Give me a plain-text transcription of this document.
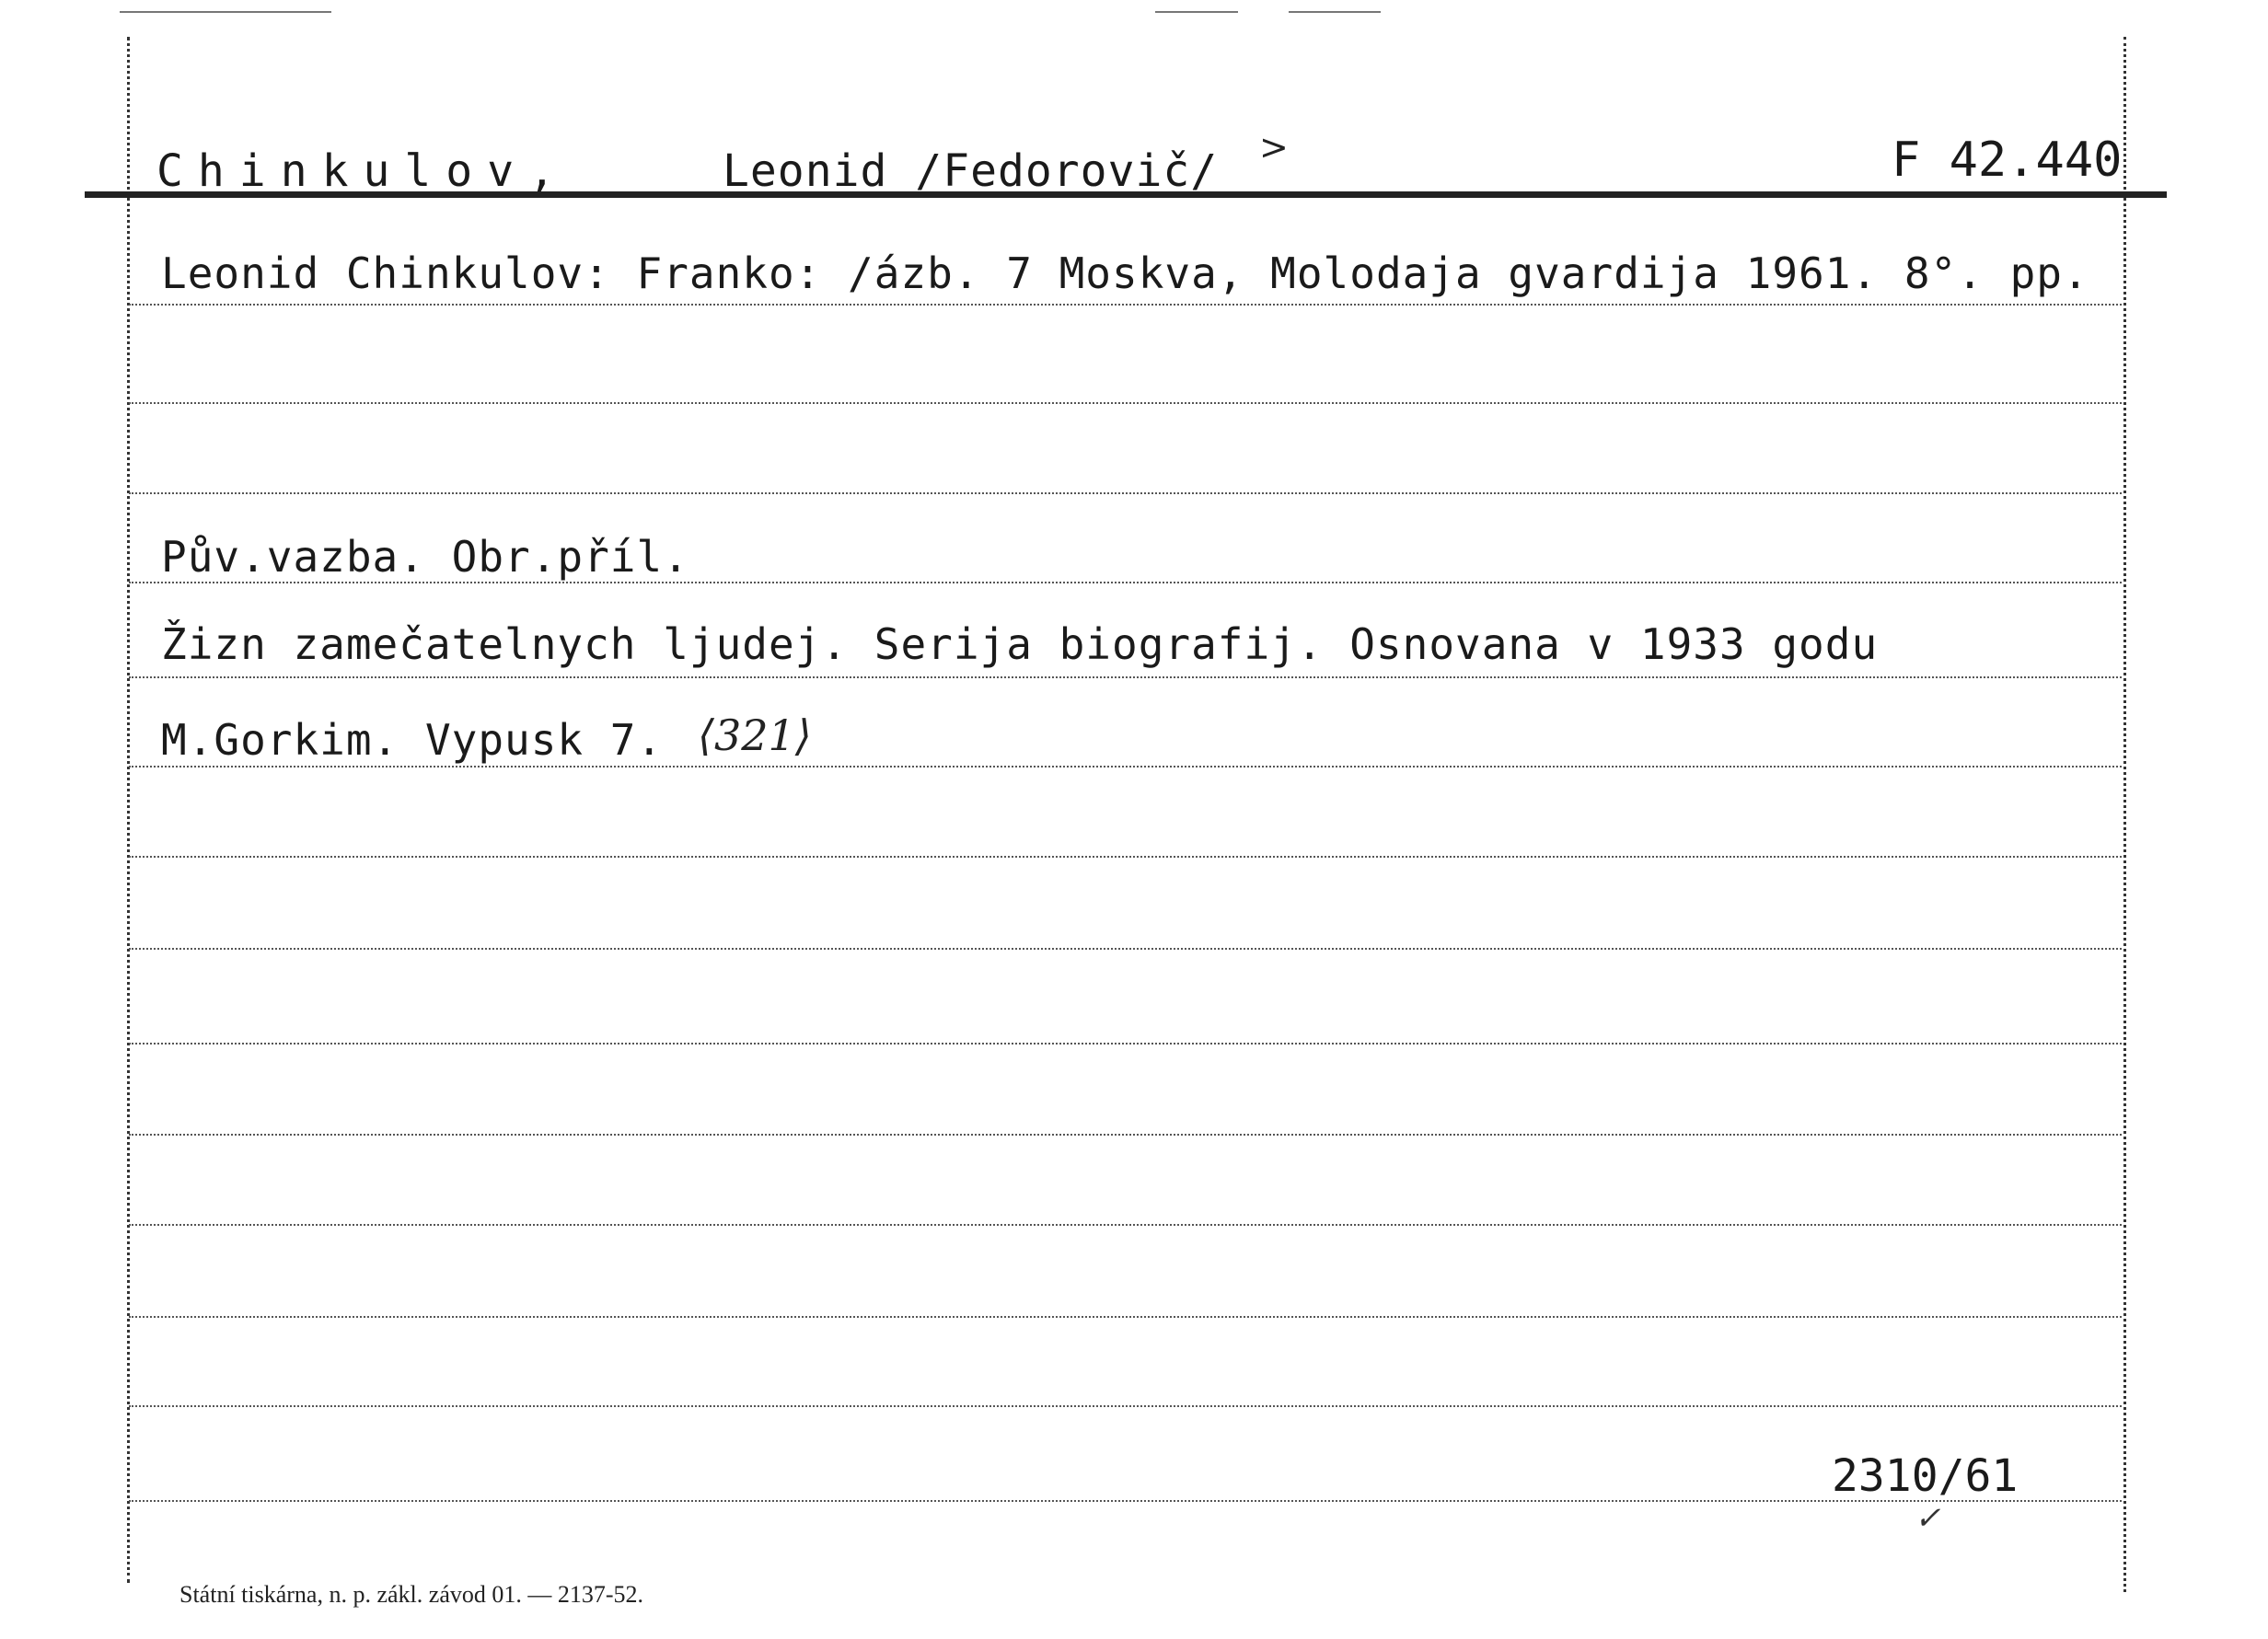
Chinkulov,	Leonid /Fedorovič/ >	F 42.440
Leonid Chinkulov: Franko: /ázb. 7 Moskva, Molodaja gvardija 1961. 8°. pp.
Pův.vazba. Obr.příl.
Žizn zamečatelnych ljudej. Serija biografij. Osnovana v 1933 godu
M.Gorkim. Vypusk 7. ⟨321⟩
2310/61
✓
Státní tiskárna, n. p. zákl. závod 01. — 2137-52.
